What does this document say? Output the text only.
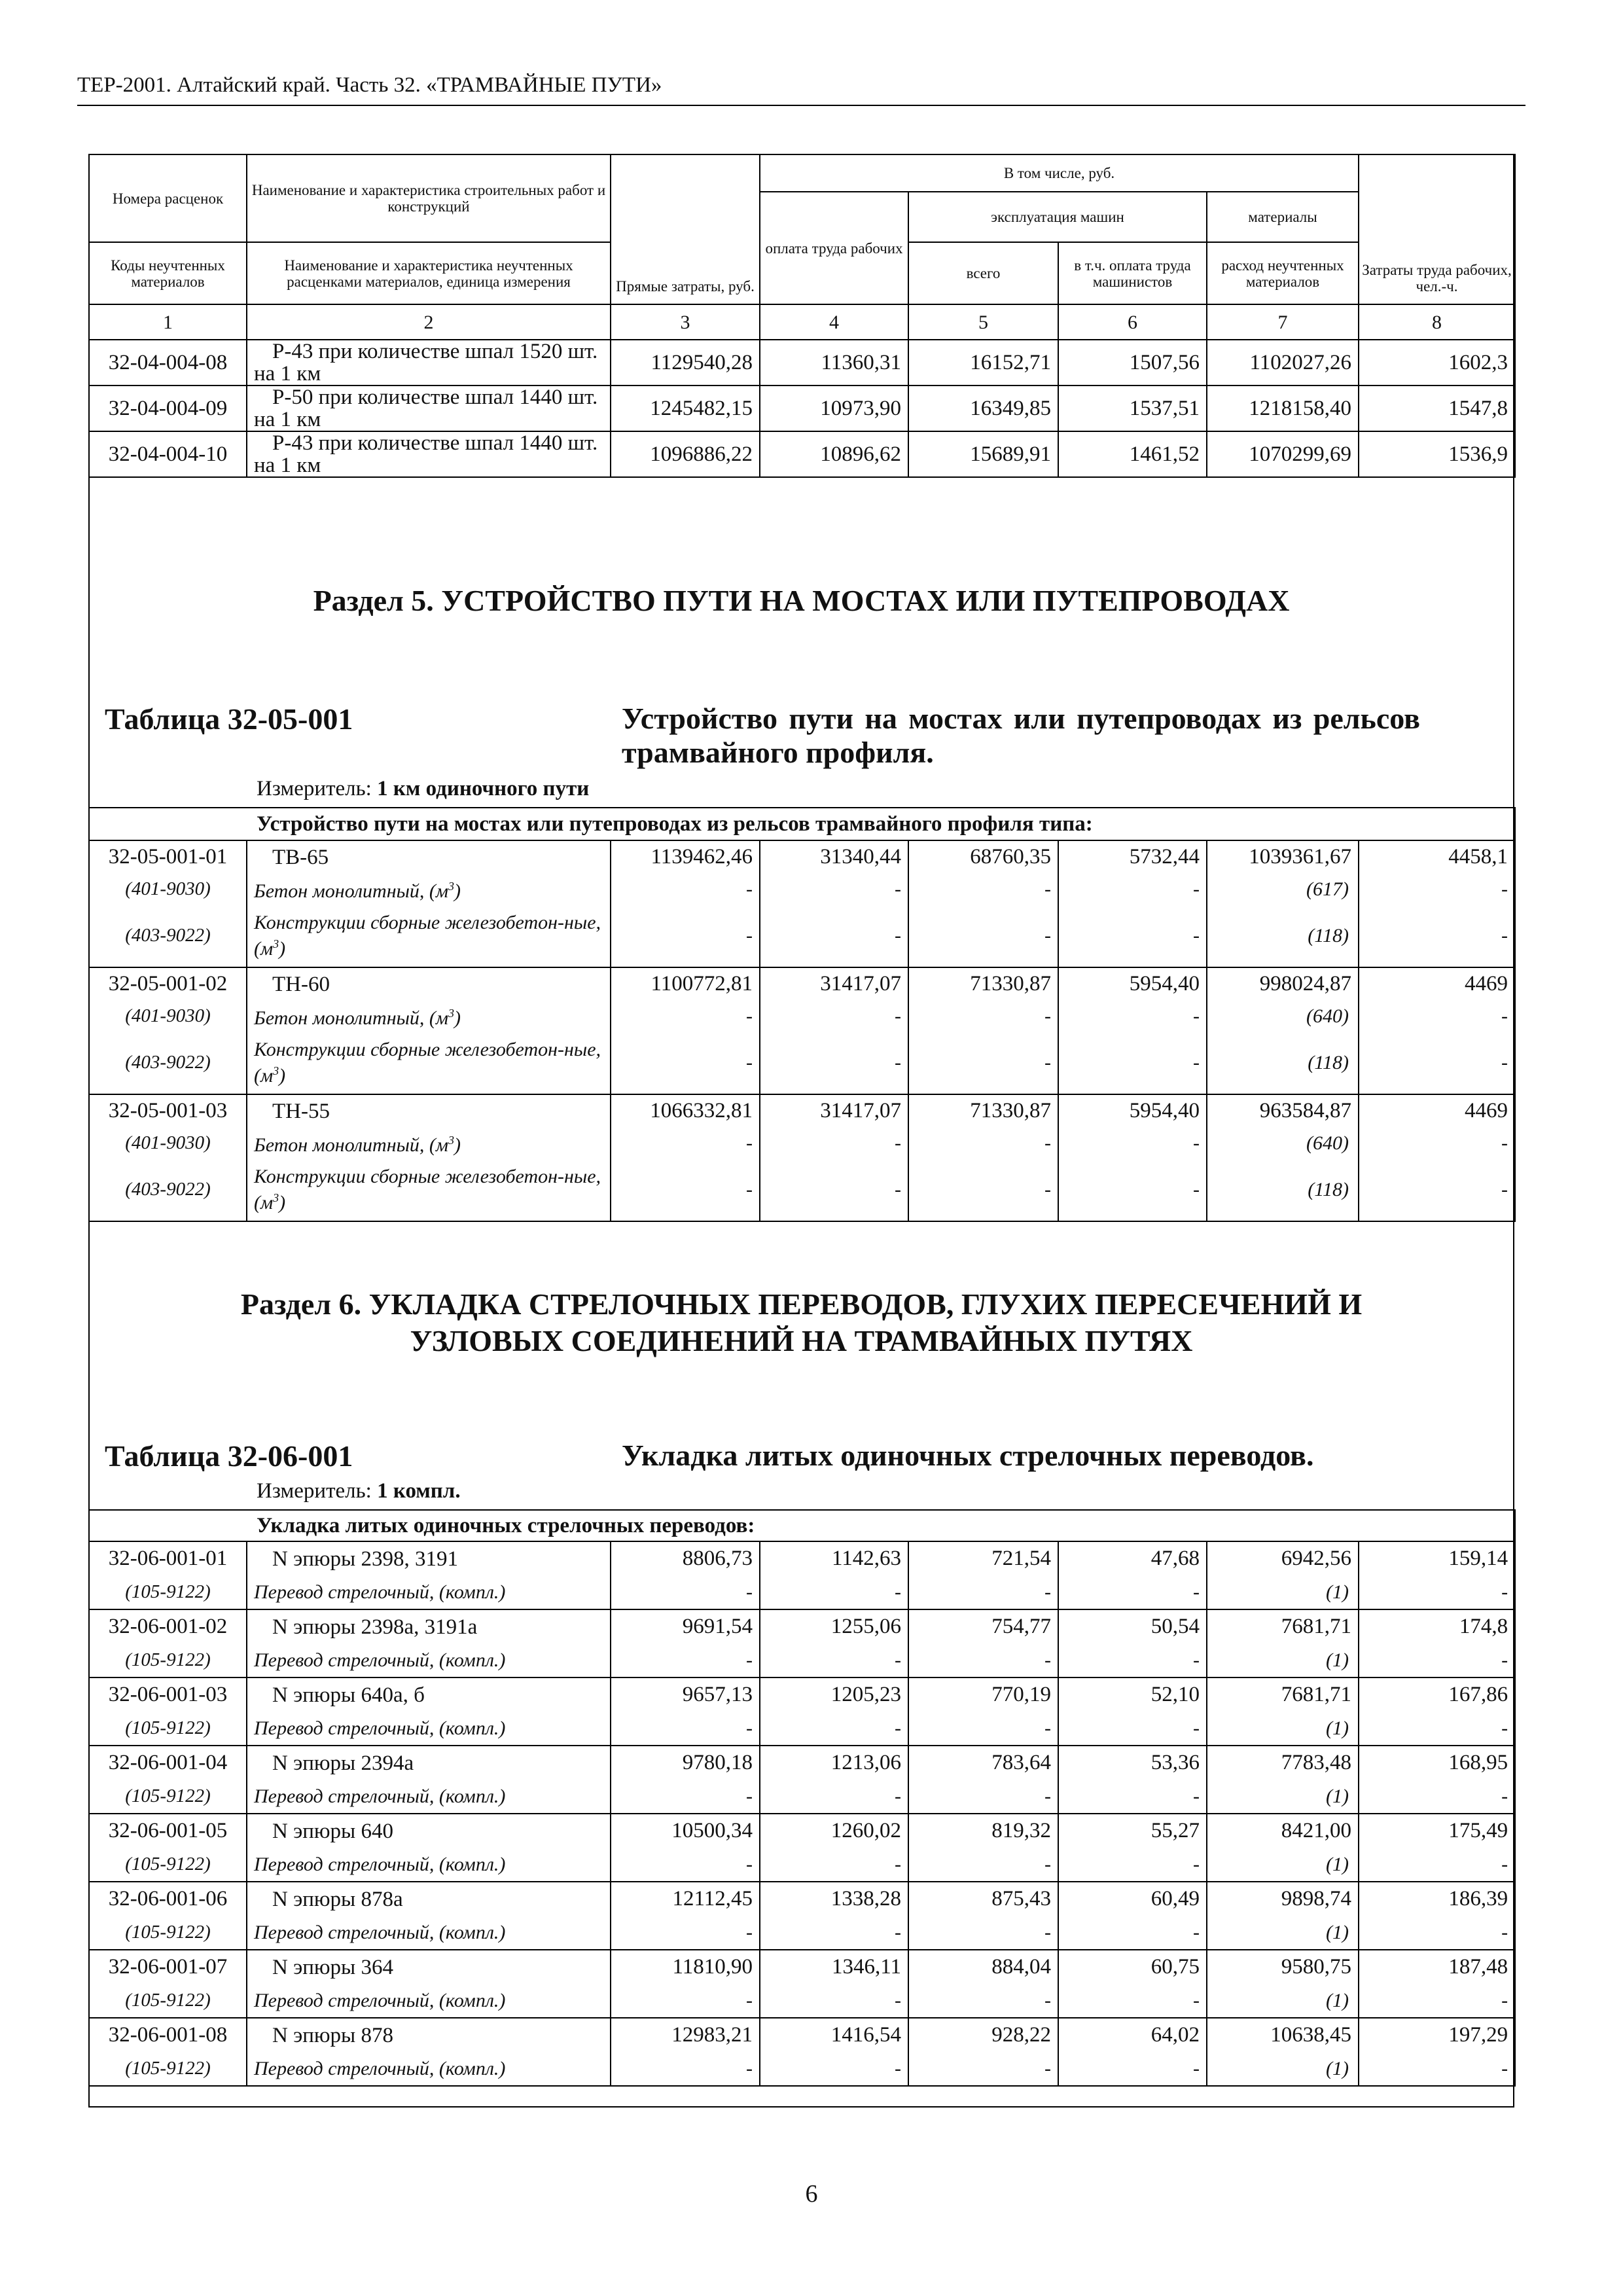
ТЕР-2001. Алтайский край. Часть 32. «ТРАМВАЙНЫЕ ПУТИ»
Номера расценок	Наименование и характеристика строительных работ и конструкций	Прямые затраты, руб.	В том числе, руб.				Затраты труда рабочих, чел.-ч.
			оплата труда рабочих	эксплуатация машин		материалы	
Коды неучтенных материалов	Наименование и характеристика неучтенных расценками материалов, единица измерения			всего	в т.ч. оплата труда машинистов	расход неучтенных материалов	
1	2	3	4	5	6	7	8
32-04-004-08	Р-43 при количестве шпал 1520 шт. на 1 км	1129540,28	11360,31	16152,71	1507,56	1102027,26	1602,3
32-04-004-09	Р-50 при количестве шпал 1440 шт. на 1 км	1245482,15	10973,90	16349,85	1537,51	1218158,40	1547,8
32-04-004-10	Р-43 при количестве шпал 1440 шт. на 1 км	1096886,22	10896,62	15689,91	1461,52	1070299,69	1536,9
Раздел 5. УСТРОЙСТВО ПУТИ НА МОСТАХ ИЛИ ПУТЕПРОВОДАХ
Таблица 32-05-001	Устройство пути на мостах или путепроводах из рельсов трамвайного профиля.
Измеритель: 1 км одиночного пути
Устройство пути на мостах или путепроводах из рельсов трамвайного профиля типа:							
32-05-001-01	ТВ-65	1139462,46	31340,44	68760,35	5732,44	1039361,67	4458,1
(401-9030)	Бетон монолитный, $(м^3)$	-	-	-	-	(617)	-
(403-9022)	Конструкции сборные железобетон-ные, $(м^3)$	-	-	-	-	(118)	-
32-05-001-02	ТН-60	1100772,81	31417,07	71330,87	5954,40	998024,87	4469
(401-9030)	Бетон монолитный, $(м^3)$	-	-	-	-	(640)	-
(403-9022)	Конструкции сборные железобетон-ные, $(м^3)$	-	-	-	-	(118)	-
32-05-001-03	ТН-55	1066332,81	31417,07	71330,87	5954,40	963584,87	4469
(401-9030)	Бетон монолитный, $(м^3)$	-	-	-	-	(640)	-
(403-9022)	Конструкции сборные железобетон-ные, $(м^3)$	-	-	-	-	(118)	-
Раздел 6. УКЛАДКА СТРЕЛОЧНЫХ ПЕРЕВОДОВ, ГЛУХИХ ПЕРЕСЕЧЕНИЙ И
УЗЛОВЫХ СОЕДИНЕНИЙ НА ТРАМВАЙНЫХ ПУТЯХ
Таблица 32-06-001	Укладка литых одиночных стрелочных переводов.
Измеритель: 1 компл.
Укладка литых одиночных стрелочных переводов:							
32-06-001-01	N эпюры 2398, 3191	8806,73	1142,63	721,54	47,68	6942,56	159,14
(105-9122)	Перевод стрелочный, (компл.)	-	-	-	-	(1)	-
32-06-001-02	N эпюры 2398а, 3191а	9691,54	1255,06	754,77	50,54	7681,71	174,8
(105-9122)	Перевод стрелочный, (компл.)	-	-	-	-	(1)	-
32-06-001-03	N эпюры 640а, б	9657,13	1205,23	770,19	52,10	7681,71	167,86
(105-9122)	Перевод стрелочный, (компл.)	-	-	-	-	(1)	-
32-06-001-04	N эпюры 2394а	9780,18	1213,06	783,64	53,36	7783,48	168,95
(105-9122)	Перевод стрелочный, (компл.)	-	-	-	-	(1)	-
32-06-001-05	N эпюры 640	10500,34	1260,02	819,32	55,27	8421,00	175,49
(105-9122)	Перевод стрелочный, (компл.)	-	-	-	-	(1)	-
32-06-001-06	N эпюры 878а	12112,45	1338,28	875,43	60,49	9898,74	186,39
(105-9122)	Перевод стрелочный, (компл.)	-	-	-	-	(1)	-
32-06-001-07	N эпюры 364	11810,90	1346,11	884,04	60,75	9580,75	187,48
(105-9122)	Перевод стрелочный, (компл.)	-	-	-	-	(1)	-
32-06-001-08	N эпюры 878	12983,21	1416,54	928,22	64,02	10638,45	197,29
(105-9122)	Перевод стрелочный, (компл.)	-	-	-	-	(1)	-
6
